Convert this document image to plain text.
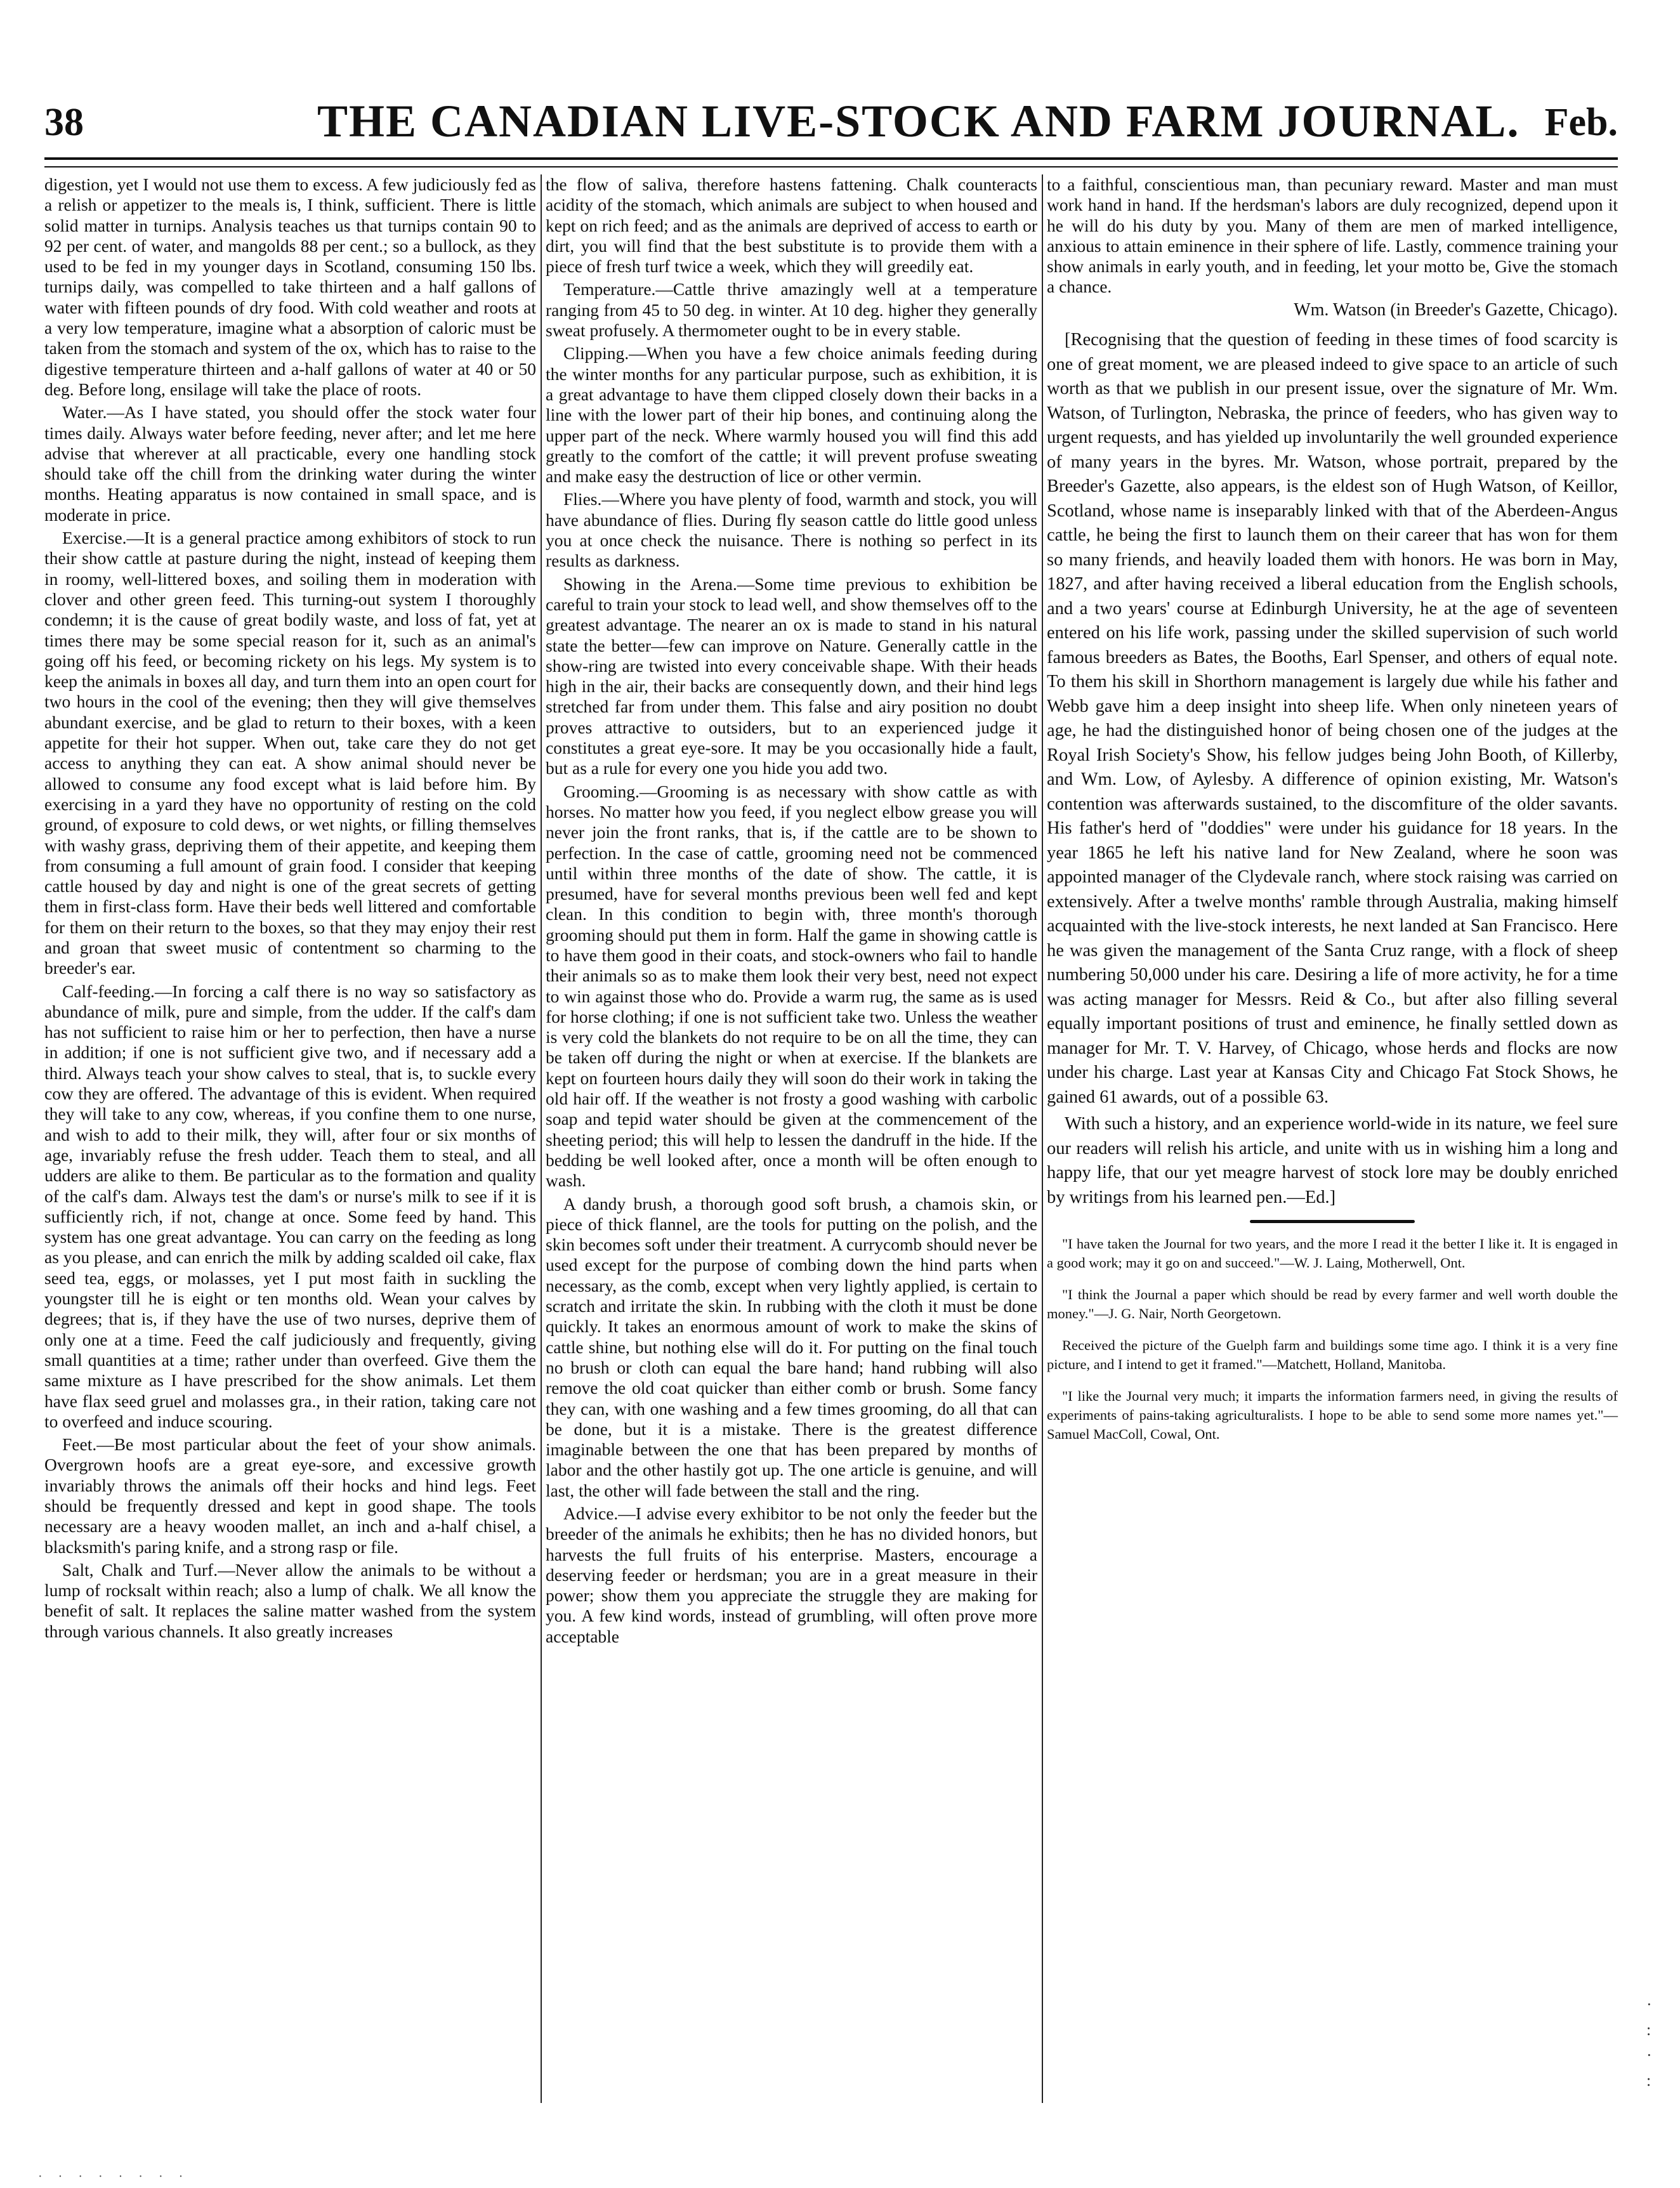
38	THE CANADIAN LIVE-STOCK AND FARM JOURNAL. Feb.

digestion, yet I would not use them to excess. A few judiciously fed as a relish or appetizer to the meals is, I think, sufficient. There is little solid matter in turnips. Analysis teaches us that turnips contain 90 to 92 per cent. of water, and mangolds 88 per cent.; so a bullock, as they used to be fed in my younger days in Scotland, consuming 150 lbs. turnips daily, was compelled to take thirteen and a half gallons of water with fifteen pounds of dry food. With cold weather and roots at a very low temperature, imagine what a absorption of caloric must be taken from the stomach and system of the ox, which has to raise to the digestive temperature thirteen and a-half gallons of water at 40 or 50 deg. Before long, ensilage will take the place of roots.

Water.—As I have stated, you should offer the stock water four times daily. Always water before feeding, never after; and let me here advise that wherever at all practicable, every one handling stock should take off the chill from the drinking water during the winter months. Heating apparatus is now contained in small space, and is moderate in price.

Exercise.—It is a general practice among exhibitors of stock to run their show cattle at pasture during the night, instead of keeping them in roomy, well-littered boxes, and soiling them in moderation with clover and other green feed. This turning-out system I thoroughly condemn; it is the cause of great bodily waste, and loss of fat, yet at times there may be some special reason for it, such as an animal's going off his feed, or becoming rickety on his legs. My system is to keep the animals in boxes all day, and turn them into an open court for two hours in the cool of the evening; then they will give themselves abundant exercise, and be glad to return to their boxes, with a keen appetite for their hot supper. When out, take care they do not get access to anything they can eat. A show animal should never be allowed to consume any food except what is laid before him. By exercising in a yard they have no opportunity of resting on the cold ground, of exposure to cold dews, or wet nights, or filling themselves with washy grass, depriving them of their appetite, and keeping them from consuming a full amount of grain food. I consider that keeping cattle housed by day and night is one of the great secrets of getting them in first-class form. Have their beds well littered and comfortable for them on their return to the boxes, so that they may enjoy their rest and groan that sweet music of contentment so charming to the breeder's ear.

Calf-feeding.—In forcing a calf there is no way so satisfactory as abundance of milk, pure and simple, from the udder. If the calf's dam has not sufficient to raise him or her to perfection, then have a nurse in addition; if one is not sufficient give two, and if necessary add a third. Always teach your show calves to steal, that is, to suckle every cow they are offered. The advantage of this is evident. When required they will take to any cow, whereas, if you confine them to one nurse, and wish to add to their milk, they will, after four or six months of age, invariably refuse the fresh udder. Teach them to steal, and all udders are alike to them. Be particular as to the formation and quality of the calf's dam. Always test the dam's or nurse's milk to see if it is sufficiently rich, if not, change at once. Some feed by hand. This system has one great advantage. You can carry on the feeding as long as you please, and can enrich the milk by adding scalded oil cake, flax seed tea, eggs, or molasses, yet I put most faith in suckling the youngster till he is eight or ten months old. Wean your calves by degrees; that is, if they have the use of two nurses, deprive them of only one at a time. Feed the calf judiciously and frequently, giving small quantities at a time; rather under than overfeed. Give them the same mixture as I have prescribed for the show animals. Let them have flax seed gruel and molasses gra., in their ration, taking care not to overfeed and induce scouring.

Feet.—Be most particular about the feet of your show animals. Overgrown hoofs are a great eye-sore, and excessive growth invariably throws the animals off their hocks and hind legs. Feet should be frequently dressed and kept in good shape. The tools necessary are a heavy wooden mallet, an inch and a-half chisel, a blacksmith's paring knife, and a strong rasp or file.

Salt, Chalk and Turf.—Never allow the animals to be without a lump of rocksalt within reach; also a lump of chalk. We all know the benefit of salt. It replaces the saline matter washed from the system through various channels. It also greatly increases

the flow of saliva, therefore hastens fattening. Chalk counteracts acidity of the stomach, which animals are subject to when housed and kept on rich feed; and as the animals are deprived of access to earth or dirt, you will find that the best substitute is to provide them with a piece of fresh turf twice a week, which they will greedily eat.

Temperature.—Cattle thrive amazingly well at a temperature ranging from 45 to 50 deg. in winter. At 10 deg. higher they generally sweat profusely. A thermometer ought to be in every stable.

Clipping.—When you have a few choice animals feeding during the winter months for any particular purpose, such as exhibition, it is a great advantage to have them clipped closely down their backs in a line with the lower part of their hip bones, and continuing along the upper part of the neck. Where warmly housed you will find this add greatly to the comfort of the cattle; it will prevent profuse sweating and make easy the destruction of lice or other vermin.

Flies.—Where you have plenty of food, warmth and stock, you will have abundance of flies. During fly season cattle do little good unless you at once check the nuisance. There is nothing so perfect in its results as darkness.

Showing in the Arena.—Some time previous to exhibition be careful to train your stock to lead well, and show themselves off to the greatest advantage. The nearer an ox is made to stand in his natural state the better—few can improve on Nature. Generally cattle in the show-ring are twisted into every conceivable shape. With their heads high in the air, their backs are consequently down, and their hind legs stretched far from under them. This false and airy position no doubt proves attractive to outsiders, but to an experienced judge it constitutes a great eye-sore. It may be you occasionally hide a fault, but as a rule for every one you hide you add two.

Grooming.—Grooming is as necessary with show cattle as with horses. No matter how you feed, if you neglect elbow grease you will never join the front ranks, that is, if the cattle are to be shown to perfection. In the case of cattle, grooming need not be commenced until within three months of the date of show. The cattle, it is presumed, have for several months previous been well fed and kept clean. In this condition to begin with, three month's thorough grooming should put them in form. Half the game in showing cattle is to have them good in their coats, and stock-owners who fail to handle their animals so as to make them look their very best, need not expect to win against those who do. Provide a warm rug, the same as is used for horse clothing; if one is not sufficient take two. Unless the weather is very cold the blankets do not require to be on all the time, they can be taken off during the night or when at exercise. If the blankets are kept on fourteen hours daily they will soon do their work in taking the old hair off. If the weather is not frosty a good washing with carbolic soap and tepid water should be given at the commencement of the sheeting period; this will help to lessen the dandruff in the hide. If the bedding be well looked after, once a month will be often enough to wash.

A dandy brush, a thorough good soft brush, a chamois skin, or piece of thick flannel, are the tools for putting on the polish, and the skin becomes soft under their treatment. A currycomb should never be used except for the purpose of combing down the hind parts when necessary, as the comb, except when very lightly applied, is certain to scratch and irritate the skin. In rubbing with the cloth it must be done quickly. It takes an enormous amount of work to make the skins of cattle shine, but nothing else will do it. For putting on the final touch no brush or cloth can equal the bare hand; hand rubbing will also remove the old coat quicker than either comb or brush. Some fancy they can, with one washing and a few times grooming, do all that can be done, but it is a mistake. There is the greatest difference imaginable between the one that has been prepared by months of labor and the other hastily got up. The one article is genuine, and will last, the other will fade between the stall and the ring.

Advice.—I advise every exhibitor to be not only the feeder but the breeder of the animals he exhibits; then he has no divided honors, but harvests the full fruits of his enterprise. Masters, encourage a deserving feeder or herdsman; you are in a great measure in their power; show them you appreciate the struggle they are making for you. A few kind words, instead of grumbling, will often prove more acceptable

to a faithful, conscientious man, than pecuniary reward. Master and man must work hand in hand. If the herdsman's labors are duly recognized, depend upon it he will do his duty by you. Many of them are men of marked intelligence, anxious to attain eminence in their sphere of life. Lastly, commence training your show animals in early youth, and in feeding, let your motto be, Give the stomach a chance.

Wm. Watson (in Breeder's Gazette, Chicago).

[Recognising that the question of feeding in these times of food scarcity is one of great moment, we are pleased indeed to give space to an article of such worth as that we publish in our present issue, over the signature of Mr. Wm. Watson, of Turlington, Nebraska, the prince of feeders, who has given way to urgent requests, and has yielded up involuntarily the well grounded experience of many years in the byres. Mr. Watson, whose portrait, prepared by the Breeder's Gazette, also appears, is the eldest son of Hugh Watson, of Keillor, Scotland, whose name is inseparably linked with that of the Aberdeen-Angus cattle, he being the first to launch them on their career that has won for them so many friends, and heavily loaded them with honors. He was born in May, 1827, and after having received a liberal education from the English schools, and a two years' course at Edinburgh University, he at the age of seventeen entered on his life work, passing under the skilled supervision of such world famous breeders as Bates, the Booths, Earl Spenser, and others of equal note. To them his skill in Shorthorn management is largely due while his father and Webb gave him a deep insight into sheep life. When only nineteen years of age, he had the distinguished honor of being chosen one of the judges at the Royal Irish Society's Show, his fellow judges being John Booth, of Killerby, and Wm. Low, of Aylesby. A difference of opinion existing, Mr. Watson's contention was afterwards sustained, to the discomfiture of the older savants. His father's herd of "doddies" were under his guidance for 18 years. In the year 1865 he left his native land for New Zealand, where he soon was appointed manager of the Clydevale ranch, where stock raising was carried on extensively. After a twelve months' ramble through Australia, making himself acquainted with the live-stock interests, he next landed at San Francisco. Here he was given the management of the Santa Cruz range, with a flock of sheep numbering 50,000 under his care. Desiring a life of more activity, he for a time was acting manager for Messrs. Reid & Co., but after also filling several equally important positions of trust and eminence, he finally settled down as manager for Mr. T. V. Harvey, of Chicago, whose herds and flocks are now under his charge. Last year at Kansas City and Chicago Fat Stock Shows, he gained 61 awards, out of a possible 63.

With such a history, and an experience world-wide in its nature, we feel sure our readers will relish his article, and unite with us in wishing him a long and happy life, that our yet meagre harvest of stock lore may be doubly enriched by writings from his learned pen.—Ed.]

"I have taken the Journal for two years, and the more I read it the better I like it. It is engaged in a good work; may it go on and succeed."—W. J. Laing, Motherwell, Ont.

"I think the Journal a paper which should be read by every farmer and well worth double the money."—J. G. Nair, North Georgetown.

Received the picture of the Guelph farm and buildings some time ago. I think it is a very fine picture, and I intend to get it framed."—Matchett, Holland, Manitoba.

"I like the Journal very much; it imparts the information farmers need, in giving the results of experiments of pains-taking agriculturalists. I hope to be able to send some more names yet."—Samuel MacColl, Cowal, Ont.

·
:
·
:
· · · · · · · ·
